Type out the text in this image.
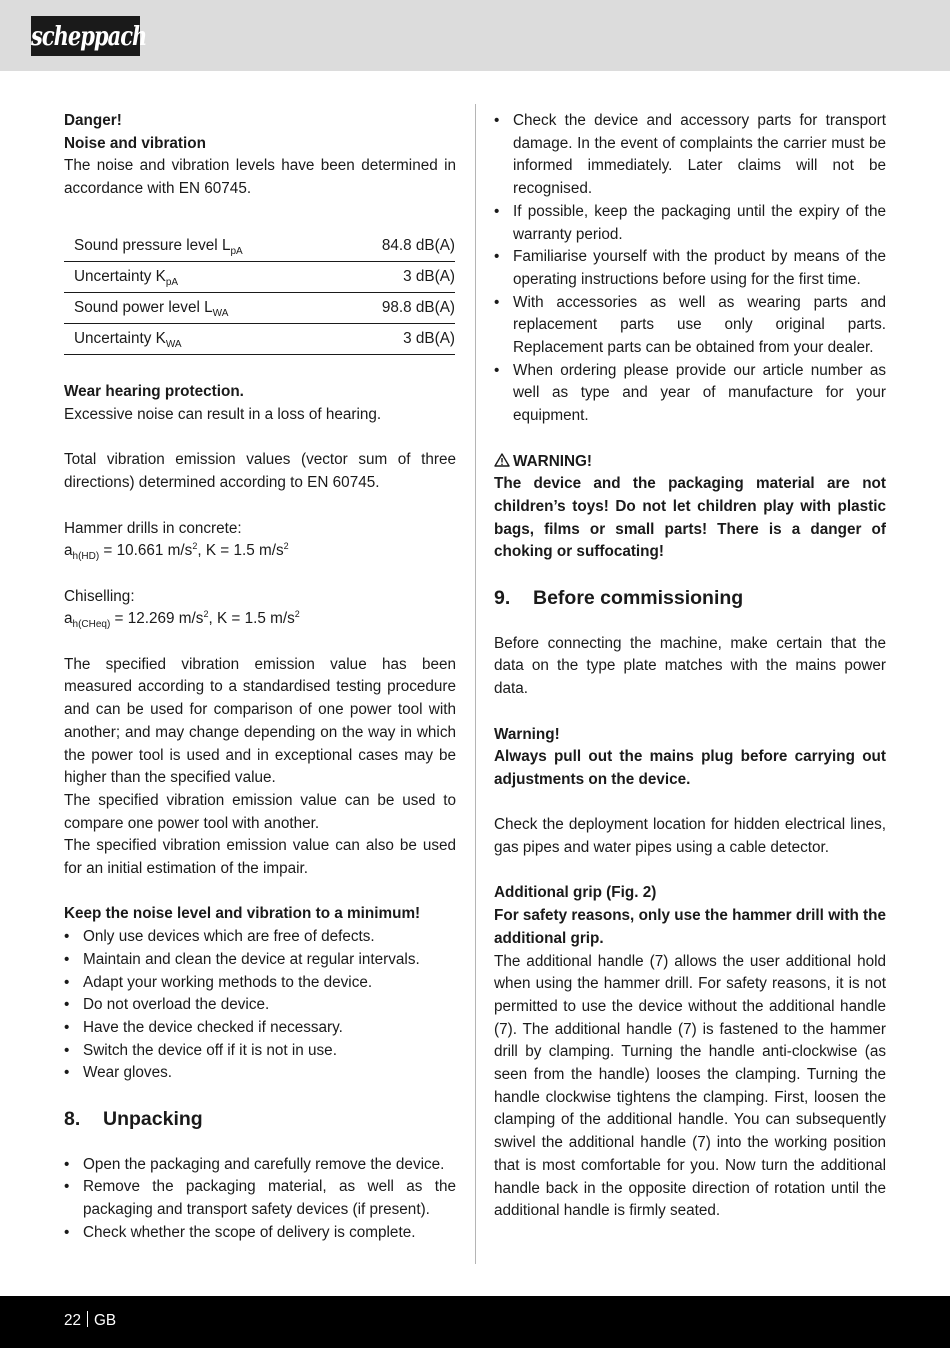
scheppach

Danger!

Noise and vibration

The noise and vibration levels have been determined in accordance with EN 60745.

Sound pressure level $L_{pA}$	84.8 dB(A)
Uncertainty $K_{pA}$	3 dB(A)
Sound power level $L_{WA}$	98.8 dB(A)
Uncertainty $K_{WA}$	3 dB(A)

Wear hearing protection.

Excessive noise can result in a loss of hearing.

Total vibration emission values (vector sum of three directions) determined according to EN 60745.

Hammer drills in concrete:

$a_{h(HD)} = 10.661$ $m/s^2$, K = 1.5 $m/s^2$

Chiselling:

$a_{h(CHeq)} = 12.269$ $m/s^2$, K = 1.5 $m/s^2$

The specified vibration emission value has been measured according to a standardised testing procedure and can be used for comparison of one power tool with another; and may change depending on the way in which the power tool is used and in exceptional cases may be higher than the specified value.

The specified vibration emission value can be used to compare one power tool with another.

The specified vibration emission value can also be used for an initial estimation of the impair.

Keep the noise level and vibration to a minimum!

• Only use devices which are free of defects.
• Maintain and clean the device at regular intervals.
• Adapt your working methods to the device.
• Do not overload the device.
• Have the device checked if necessary.
• Switch the device off if it is not in use.
• Wear gloves.
8. Unpacking
• Open the packaging and carefully remove the device.
• Remove the packaging material, as well as the packaging and transport safety devices (if present).
• Check whether the scope of delivery is complete.
• Check the device and accessory parts for transport damage. In the event of complaints the carrier must be informed immediately. Later claims will not be recognised.
• If possible, keep the packaging until the expiry of the warranty period.
• Familiarise yourself with the product by means of the operating instructions before using for the first time.
• With accessories as well as wearing parts and replacement parts use only original parts. Replacement parts can be obtained from your dealer.
• When ordering please provide our article number as well as type and year of manufacture for your equipment.

WARNING!

The device and the packaging material are not children’s toys! Do not let children play with plastic bags, films or small parts! There is a danger of choking or suffocating!

9. Before commissioning

Before connecting the machine, make certain that the data on the type plate matches with the mains power data.

Warning!

Always pull out the mains plug before carrying out adjustments on the device.

Check the deployment location for hidden electrical lines, gas pipes and water pipes using a cable detector.

Additional grip (Fig. 2)

For safety reasons, only use the hammer drill with the additional grip.

The additional handle (7) allows the user additional hold when using the hammer drill. For safety reasons, it is not permitted to use the device without the additional handle (7). The additional handle (7) is fastened to the hammer drill by clamping. Turning the handle anti-clockwise (as seen from the handle) looses the clamping. Turning the handle clockwise tightens the clamping. First, loosen the clamping of the additional handle. You can subsequently swivel the additional handle (7) into the working position that is most comfortable for you. Now turn the additional handle back in the opposite direction of rotation until the additional handle is firmly seated.

22 GB
